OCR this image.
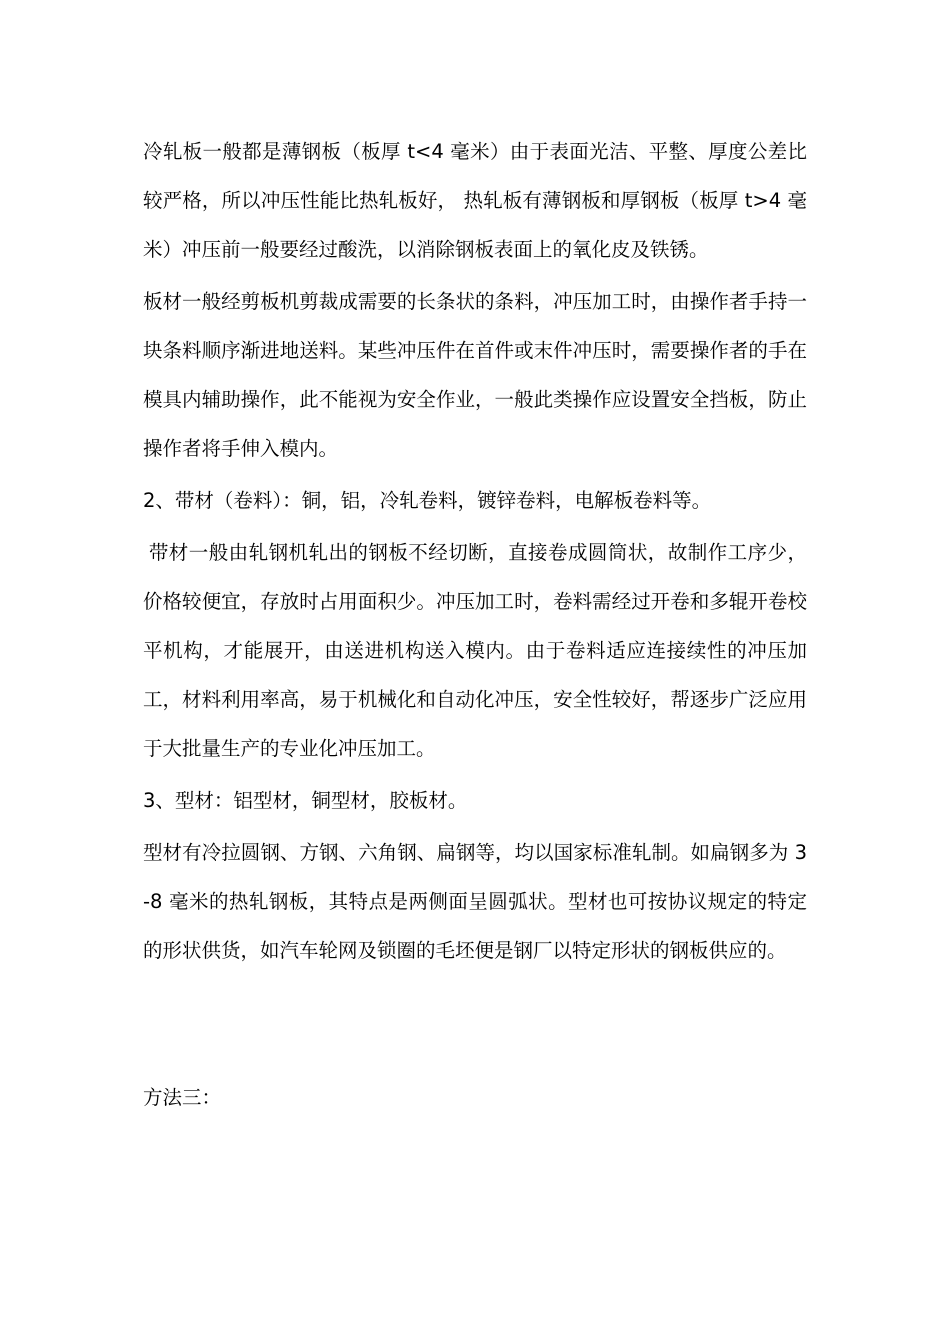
冷轧板一般都是薄钢板（板厚 t<4 毫米）由于表面光洁、平整、厚度公差比较严格，所以冲压性能比热轧板好， 热轧板有薄钢板和厚钢板（板厚 t>4 毫米）冲压前一般要经过酸洗，以消除钢板表面上的氧化皮及铁锈。

板材一般经剪板机剪裁成需要的长条状的条料，冲压加工时，由操作者手持一块条料顺序渐进地送料。某些冲压件在首件或末件冲压时，需要操作者的手在模具内辅助操作，此不能视为安全作业，一般此类操作应设置安全挡板，防止操作者将手伸入模内。

2、带材（卷料）：铜，铝，冷轧卷料，镀锌卷料，电解板卷料等。

带材一般由轧钢机轧出的钢板不经切断，直接卷成圆筒状，故制作工序少，价格较便宜，存放时占用面积少。冲压加工时，卷料需经过开卷和多辊开卷校平机构，才能展开，由送进机构送入模内。由于卷料适应连接续性的冲压加工，材料利用率高，易于机械化和自动化冲压，安全性较好，帮逐步广泛应用于大批量生产的专业化冲压加工。

3、型材：铝型材，铜型材，胶板材。

型材有冷拉圆钢、方钢、六角钢、扁钢等，均以国家标准轧制。如扁钢多为 3-8 毫米的热轧钢板，其特点是两侧面呈圆弧状。型材也可按协议规定的特定的形状供货，如汽车轮网及锁圈的毛坯便是钢厂以特定形状的钢板供应的。

方法三：
